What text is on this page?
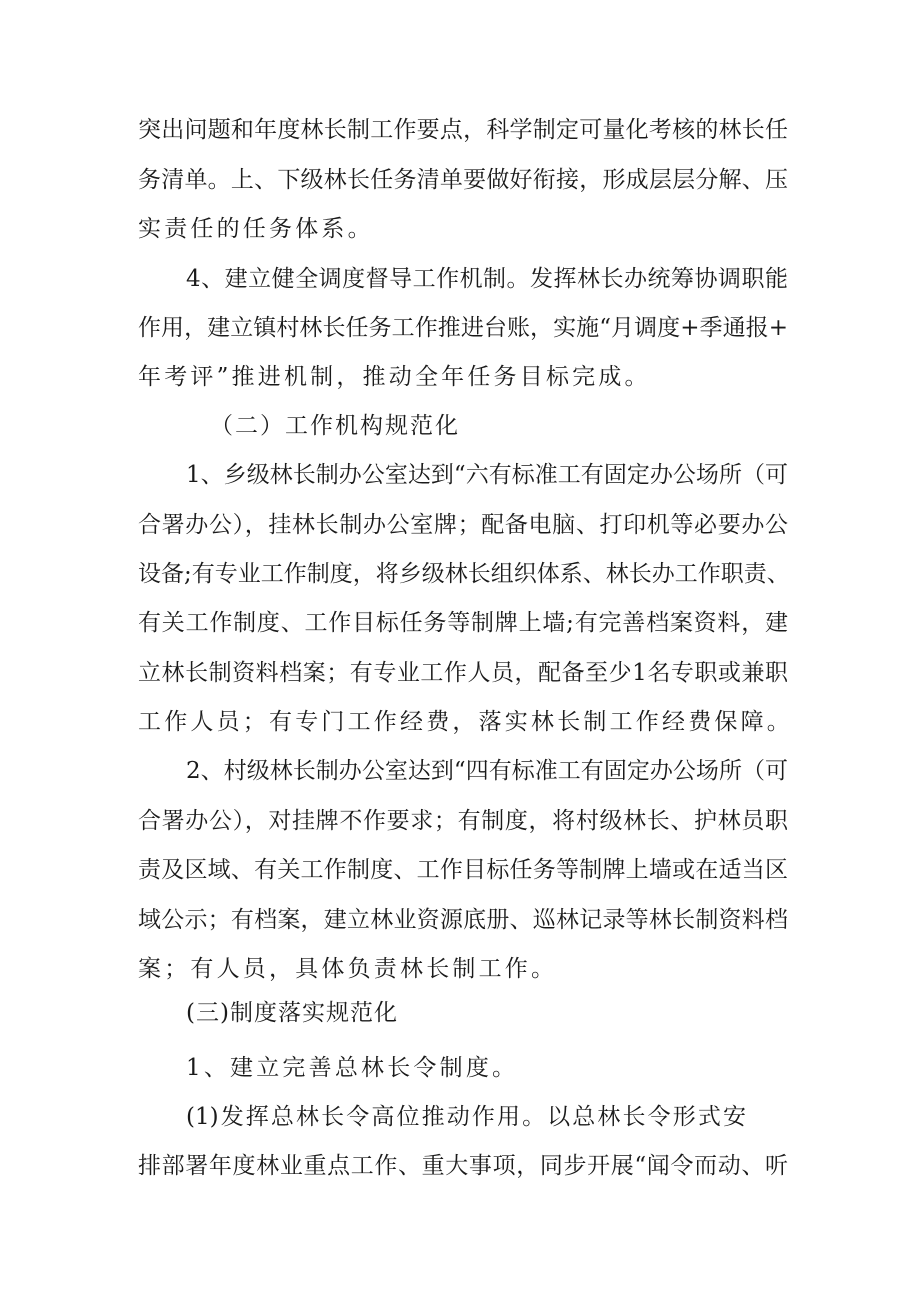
突出问题和年度林长制工作要点，科学制定可量化考核的林长任
务清单。上、下级林长任务清单要做好衔接，形成层层分解、压
实责任的任务体系。
4、建立健全调度督导工作机制。发挥林长办统筹协调职能
作用，建立镇村林长任务工作推进台账，实施“月调度+季通报+
年考评”推进机制，推动全年任务目标完成。
（二）工作机构规范化
1、乡级林长制办公室达到“六有标准工有固定办公场所（可
合署办公），挂林长制办公室牌；配备电脑、打印机等必要办公
设备;有专业工作制度，将乡级林长组织体系、林长办工作职责、
有关工作制度、工作目标任务等制牌上墙;有完善档案资料，建
立林长制资料档案；有专业工作人员，配备至少1名专职或兼职
工作人员；有专门工作经费，落实林长制工作经费保障。
2、村级林长制办公室达到“四有标准工有固定办公场所（可
合署办公），对挂牌不作要求；有制度，将村级林长、护林员职
责及区域、有关工作制度、工作目标任务等制牌上墙或在适当区
域公示；有档案，建立林业资源底册、巡林记录等林长制资料档
案；有人员，具体负责林长制工作。
(三)制度落实规范化
1、建立完善总林长令制度。
(1)发挥总林长令高位推动作用。以总林长令形式安
排部署年度林业重点工作、重大事项，同步开展“闻令而动、听
